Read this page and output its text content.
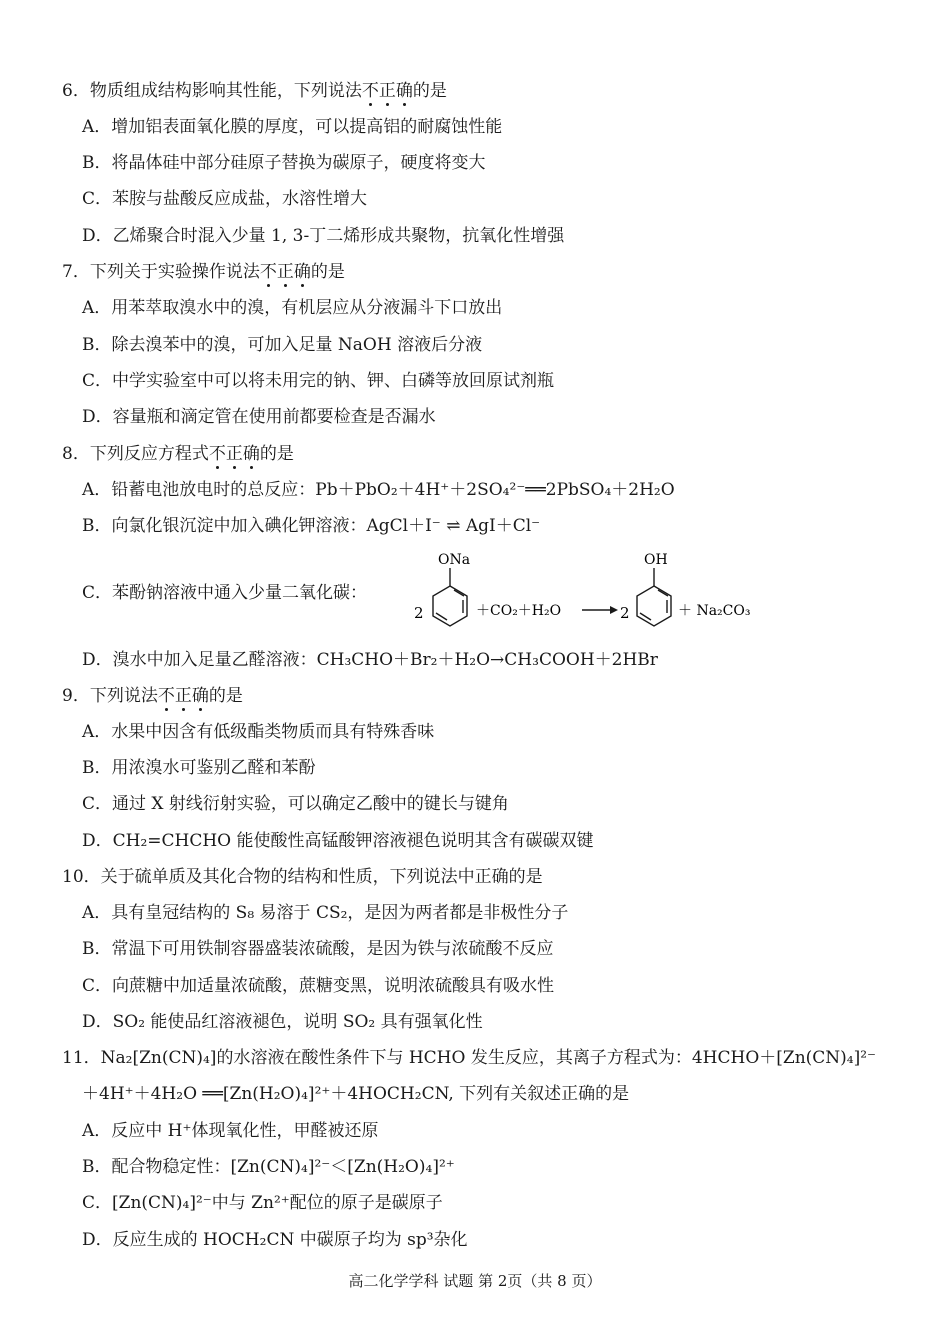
6．物质组成结构影响其性能，下列说法不正确的是
A．增加铝表面氧化膜的厚度，可以提高铝的耐腐蚀性能
B．将晶体硅中部分硅原子替换为碳原子，硬度将变大
C．苯胺与盐酸反应成盐，水溶性增大
D．乙烯聚合时混入少量 1, 3-丁二烯形成共聚物，抗氧化性增强
7．下列关于实验操作说法不正确的是
A．用苯萃取溴水中的溴，有机层应从分液漏斗下口放出
B．除去溴苯中的溴，可加入足量 NaOH 溶液后分液
C．中学实验室中可以将未用完的钠、钾、白磷等放回原试剂瓶
D．容量瓶和滴定管在使用前都要检查是否漏水
8．下列反应方程式不正确的是
A．铅蓄电池放电时的总反应：Pb＋PbO₂＋4H⁺＋2SO₄²⁻══2PbSO₄＋2H₂O
B．向氯化银沉淀中加入碘化钾溶液：AgCl＋I⁻ ⇌ AgI＋Cl⁻
C．苯酚钠溶液中通入少量二氧化碳：
2
ONa
＋CO₂＋H₂O	2
OH
＋ Na₂CO₃
D．溴水中加入足量乙醛溶液：CH₃CHO＋Br₂＋H₂O→CH₃COOH＋2HBr
9．下列说法不正确的是
A．水果中因含有低级酯类物质而具有特殊香味
B．用浓溴水可鉴别乙醛和苯酚
C．通过 X 射线衍射实验，可以确定乙酸中的键长与键角
D．CH₂=CHCHO 能使酸性高锰酸钾溶液褪色说明其含有碳碳双键
10．关于硫单质及其化合物的结构和性质，下列说法中正确的是
A．具有皇冠结构的 S₈ 易溶于 CS₂，是因为两者都是非极性分子
B．常温下可用铁制容器盛装浓硫酸，是因为铁与浓硫酸不反应
C．向蔗糖中加适量浓硫酸，蔗糖变黑，说明浓硫酸具有吸水性
D．SO₂ 能使品红溶液褪色，说明 SO₂ 具有强氧化性
11．Na₂[Zn(CN)₄]的水溶液在酸性条件下与 HCHO 发生反应，其离子方程式为：4HCHO＋[Zn(CN)₄]²⁻
＋4H⁺＋4H₂O ══[Zn(H₂O)₄]²⁺＋4HOCH₂CN, 下列有关叙述正确的是
A．反应中 H⁺体现氧化性，甲醛被还原
B．配合物稳定性：[Zn(CN)₄]²⁻＜[Zn(H₂O)₄]²⁺
C．[Zn(CN)₄]²⁻中与 Zn²⁺配位的原子是碳原子
D．反应生成的 HOCH₂CN 中碳原子均为 sp³杂化
高二化学学科 试题 第 2页（共 8 页）
